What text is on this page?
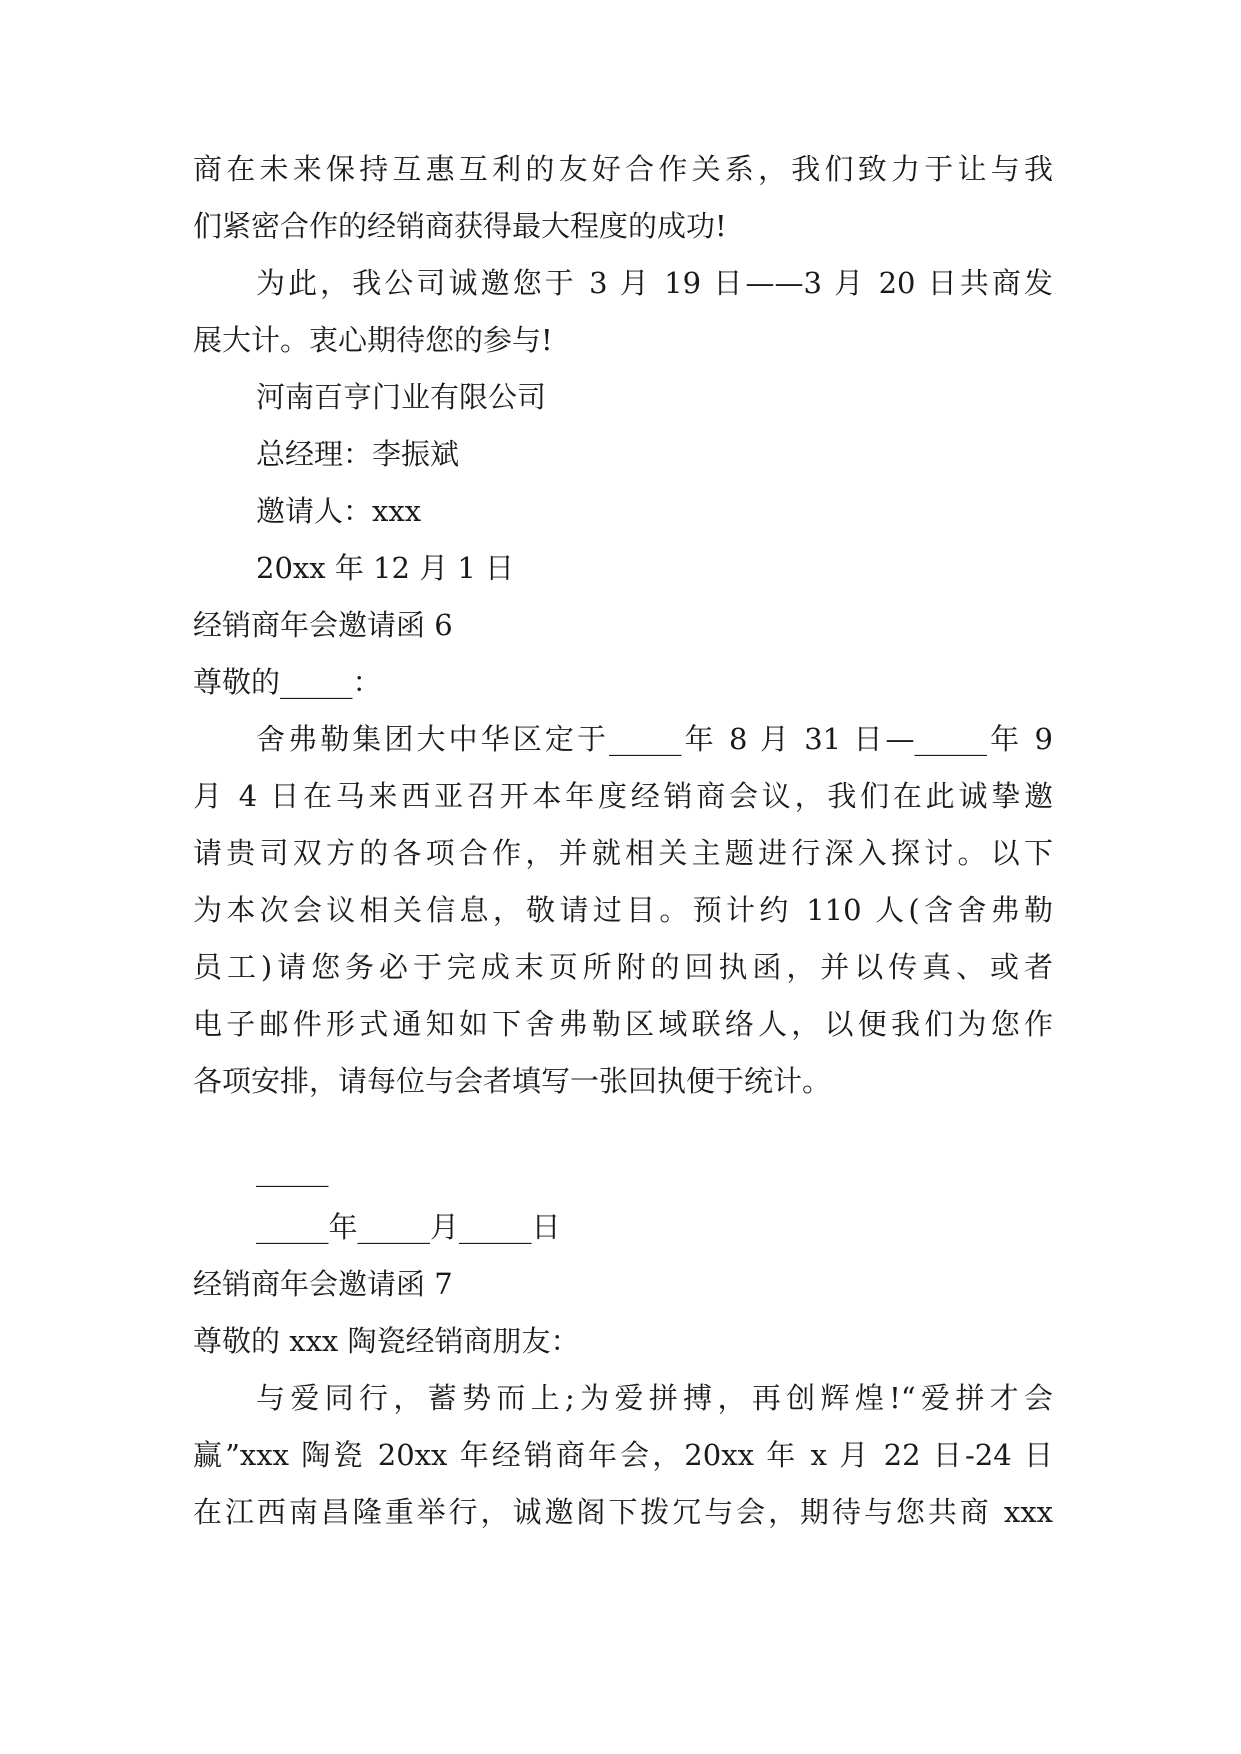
商在未来保持互惠互利的友好合作关系，我们致力于让与我
们紧密合作的经销商获得最大程度的成功!
为此，我公司诚邀您于 3 月 19 日——3 月 20 日共商发
展大计。衷心期待您的参与!
河南百亨门业有限公司
总经理：李振斌
邀请人：xxx
20xx 年 12 月 1 日
经销商年会邀请函 6
尊敬的_____：
舍弗勒集团大中华区定于_____年 8 月 31 日—_____年 9
月 4 日在马来西亚召开本年度经销商会议，我们在此诚挚邀
请贵司双方的各项合作，并就相关主题进行深入探讨。以下
为本次会议相关信息，敬请过目。预计约 110 人(含舍弗勒
员工)请您务必于完成末页所附的回执函，并以传真、或者
电子邮件形式通知如下舍弗勒区域联络人，以便我们为您作
各项安排，请每位与会者填写一张回执便于统计。
_____
_____年_____月_____日
经销商年会邀请函 7
尊敬的 xxx 陶瓷经销商朋友：
与爱同行，蓄势而上;为爱拼搏，再创辉煌!“爱拼才会
赢”xxx 陶瓷 20xx 年经销商年会，20xx 年 x 月 22 日-24 日
在江西南昌隆重举行，诚邀阁下拨冗与会，期待与您共商 xxx
